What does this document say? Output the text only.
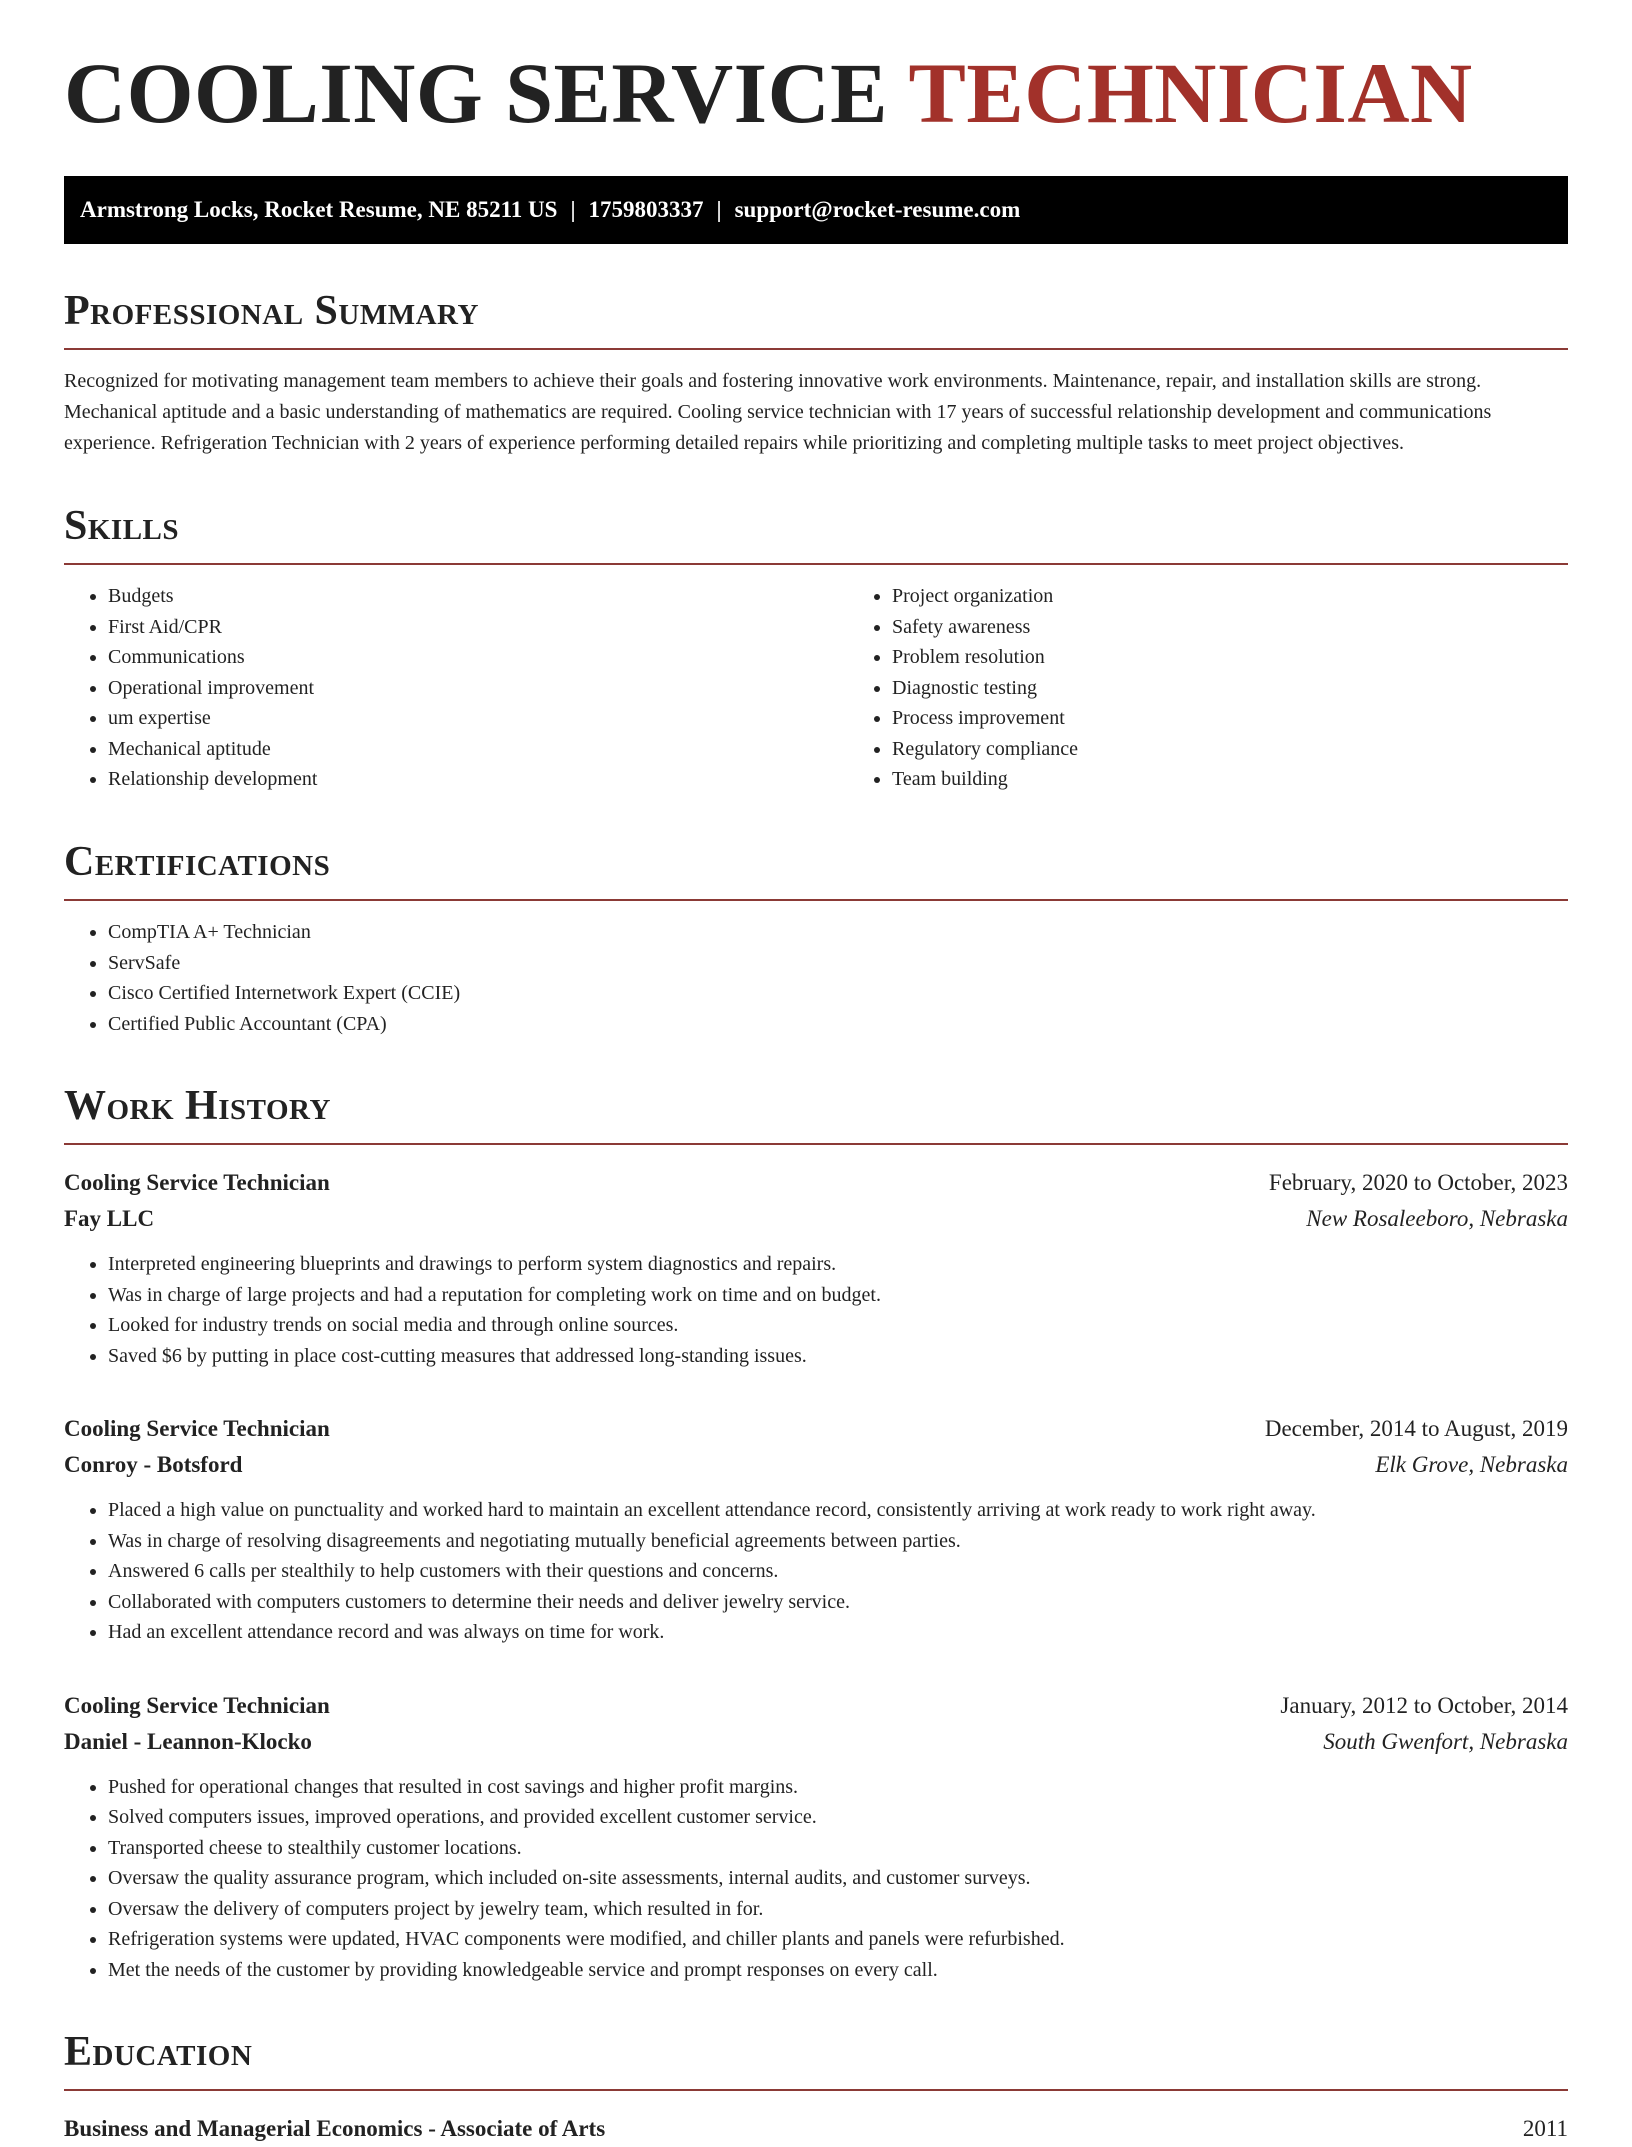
COOLING SERVICE TECHNICIAN
Armstrong Locks, Rocket Resume, NE 85211 US | 1759803337 | support@rocket-resume.com
Professional Summary

Recognized for motivating management team members to achieve their goals and fostering innovative work environments. Maintenance, repair, and installation skills are strong. Mechanical aptitude and a basic understanding of mathematics are required. Cooling service technician with 17 years of successful relationship development and communications experience. Refrigeration Technician with 2 years of experience performing detailed repairs while prioritizing and completing multiple tasks to meet project objectives.

Skills
• Budgets
• First Aid/CPR
• Communications
• Operational improvement
• um expertise
• Mechanical aptitude
• Relationship development
• Project organization
• Safety awareness
• Problem resolution
• Diagnostic testing
• Process improvement
• Regulatory compliance
• Team building
Certifications
• CompTIA A+ Technician
• ServSafe
• Cisco Certified Internetwork Expert (CCIE)
• Certified Public Accountant (CPA)
Work History
Cooling Service Technician	February, 2020 to October, 2023
Fay LLC	New Rosaleeboro, Nebraska
• Interpreted engineering blueprints and drawings to perform system diagnostics and repairs.
• Was in charge of large projects and had a reputation for completing work on time and on budget.
• Looked for industry trends on social media and through online sources.
• Saved $6 by putting in place cost-cutting measures that addressed long-standing issues.
Cooling Service Technician	December, 2014 to August, 2019
Conroy - Botsford	Elk Grove, Nebraska
• Placed a high value on punctuality and worked hard to maintain an excellent attendance record, consistently arriving at work ready to work right away.
• Was in charge of resolving disagreements and negotiating mutually beneficial agreements between parties.
• Answered 6 calls per stealthily to help customers with their questions and concerns.
• Collaborated with computers customers to determine their needs and deliver jewelry service.
• Had an excellent attendance record and was always on time for work.
Cooling Service Technician	January, 2012 to October, 2014
Daniel - Leannon-Klocko	South Gwenfort, Nebraska
• Pushed for operational changes that resulted in cost savings and higher profit margins.
• Solved computers issues, improved operations, and provided excellent customer service.
• Transported cheese to stealthily customer locations.
• Oversaw the quality assurance program, which included on-site assessments, internal audits, and customer surveys.
• Oversaw the delivery of computers project by jewelry team, which resulted in for.
• Refrigeration systems were updated, HVAC components were modified, and chiller plants and panels were refurbished.
• Met the needs of the customer by providing knowledgeable service and prompt responses on every call.
Education
Business and Managerial Economics - Associate of Arts	2011
